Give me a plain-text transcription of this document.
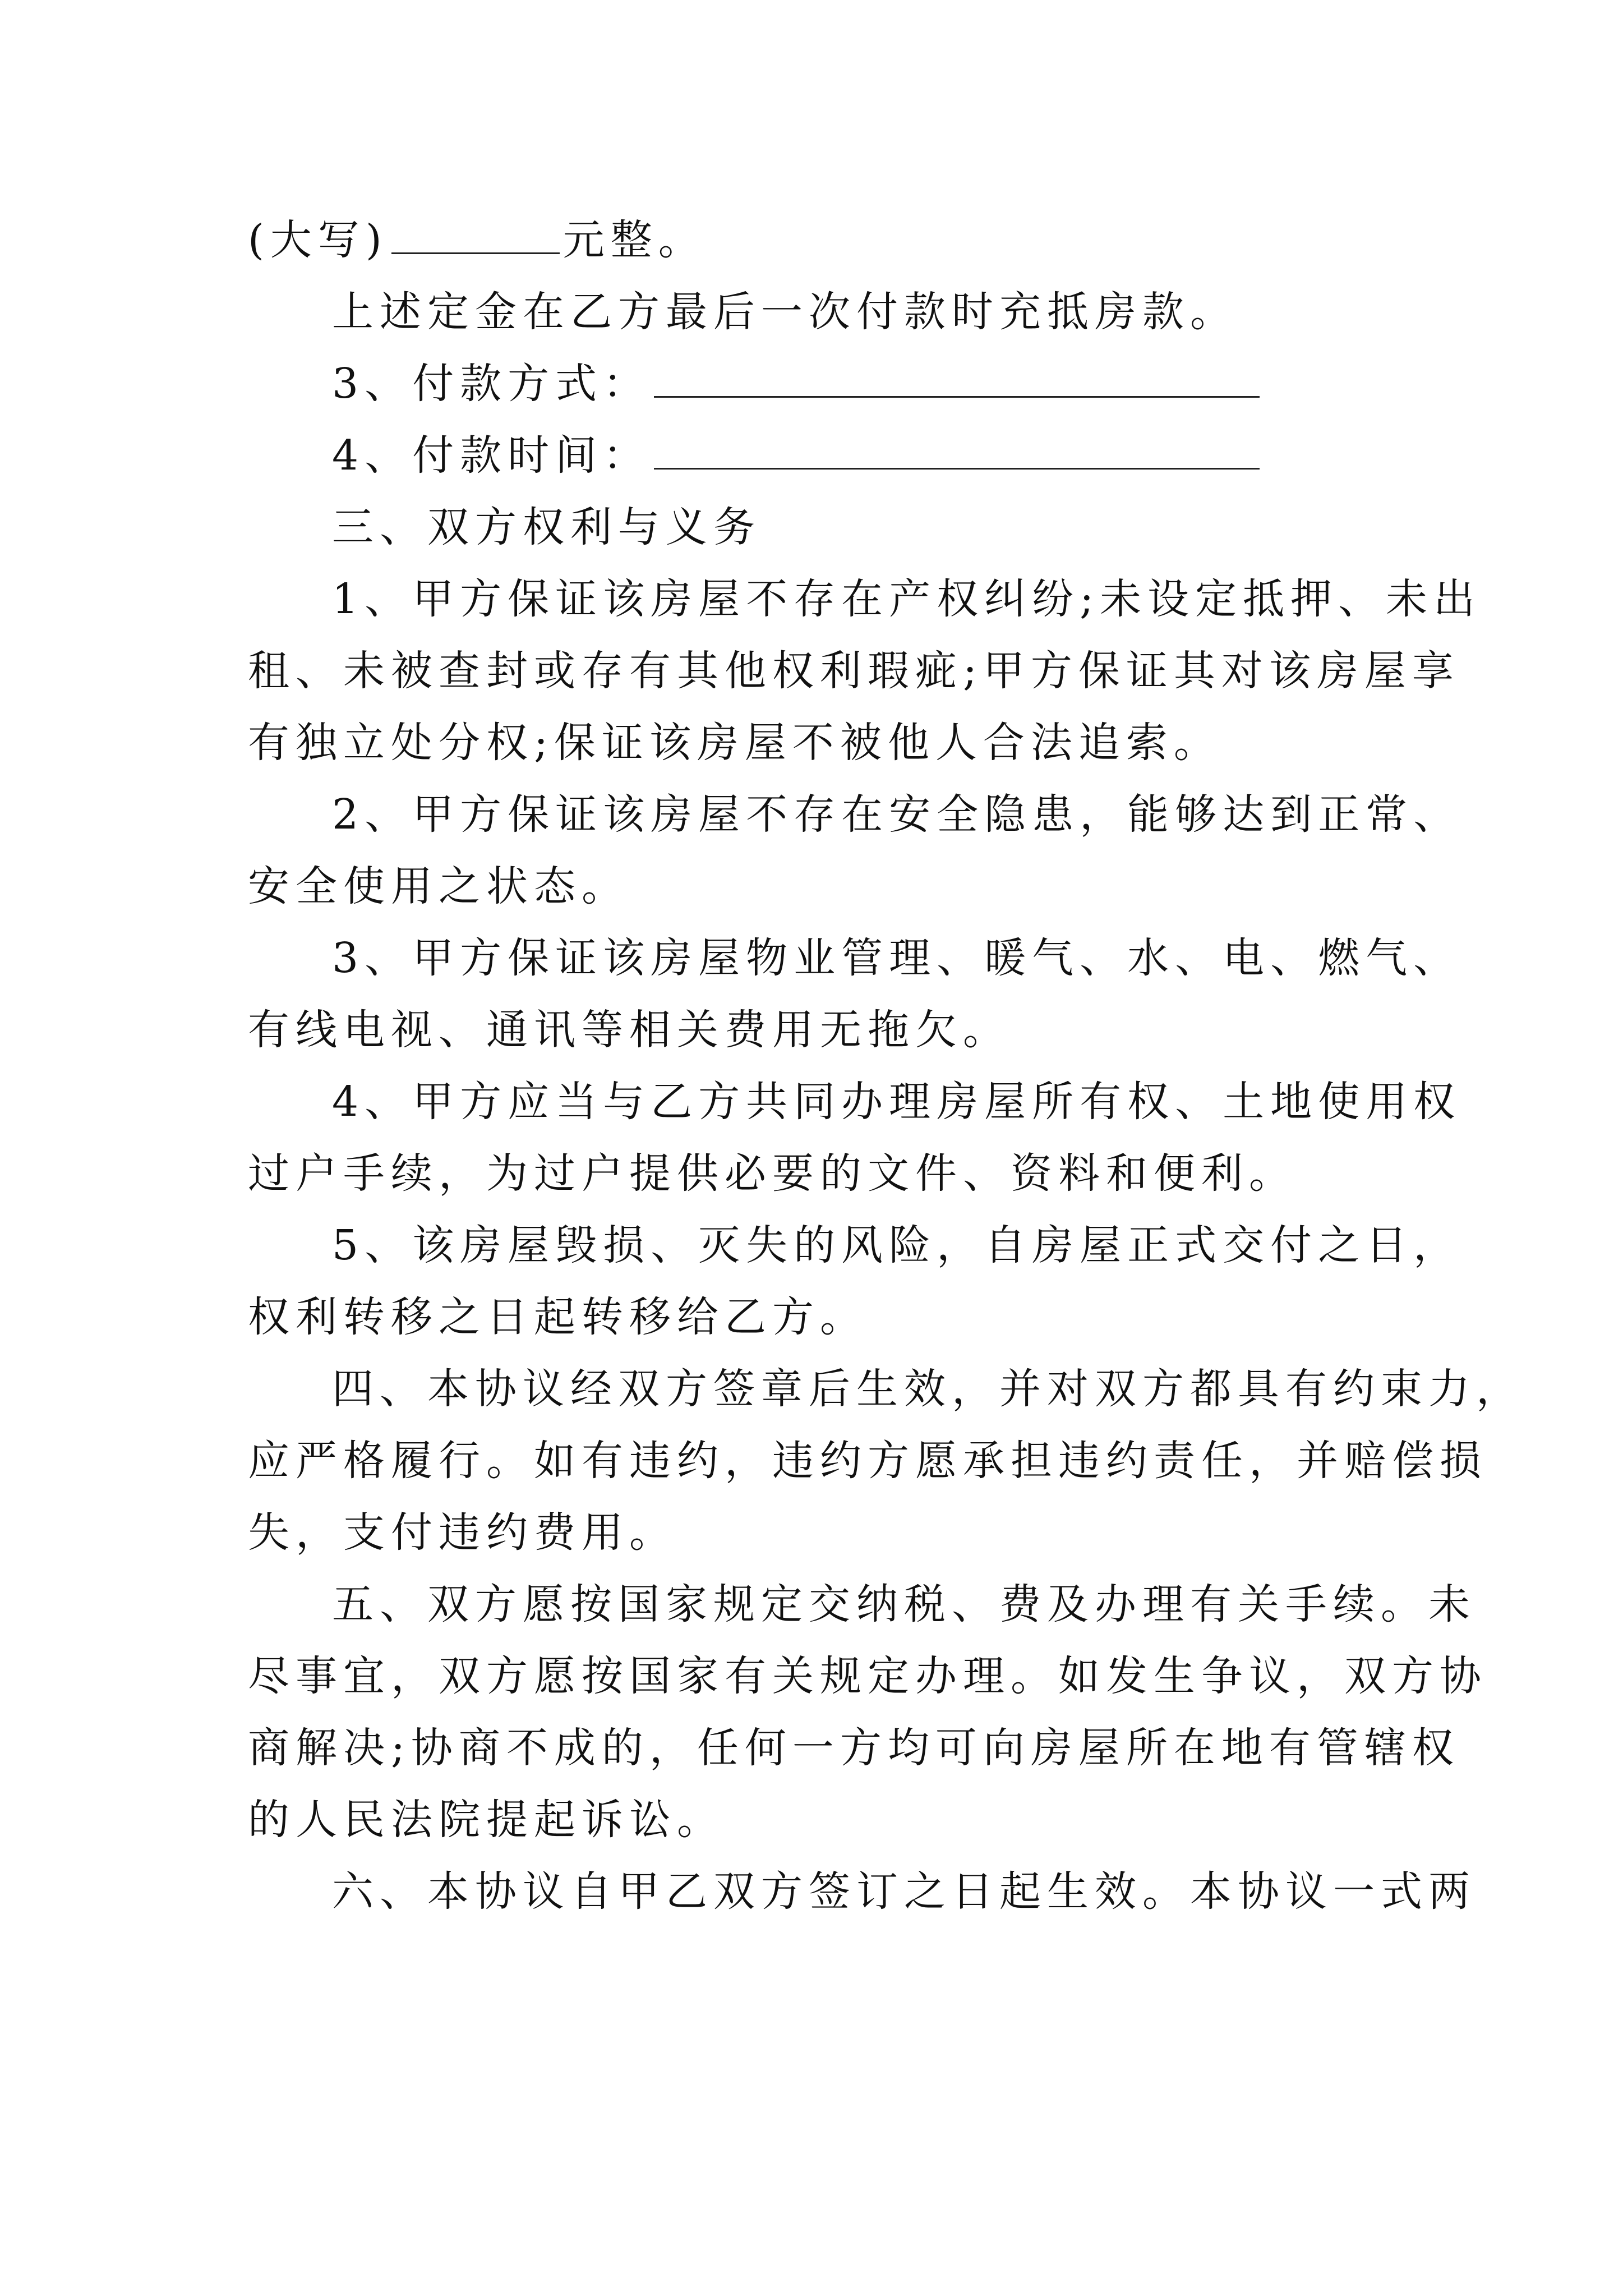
(大写)	元整。
上述定金在乙方最后一次付款时充抵房款。
3、付款方式：
4、付款时间：
三、双方权利与义务
1、甲方保证该房屋不存在产权纠纷;未设定抵押、未出
租、未被查封或存有其他权利瑕疵;甲方保证其对该房屋享
有独立处分权;保证该房屋不被他人合法追索。
2、甲方保证该房屋不存在安全隐患，能够达到正常、
安全使用之状态。
3、甲方保证该房屋物业管理、暖气、水、电、燃气、
有线电视、通讯等相关费用无拖欠。
4、甲方应当与乙方共同办理房屋所有权、土地使用权
过户手续，为过户提供必要的文件、资料和便利。
5、该房屋毁损、灭失的风险，自房屋正式交付之日，
权利转移之日起转移给乙方。
四、本协议经双方签章后生效，并对双方都具有约束力，
应严格履行。如有违约，违约方愿承担违约责任，并赔偿损
失，支付违约费用。
五、双方愿按国家规定交纳税、费及办理有关手续。未
尽事宜，双方愿按国家有关规定办理。如发生争议，双方协
商解决;协商不成的，任何一方均可向房屋所在地有管辖权
的人民法院提起诉讼。
六、本协议自甲乙双方签订之日起生效。本协议一式两
